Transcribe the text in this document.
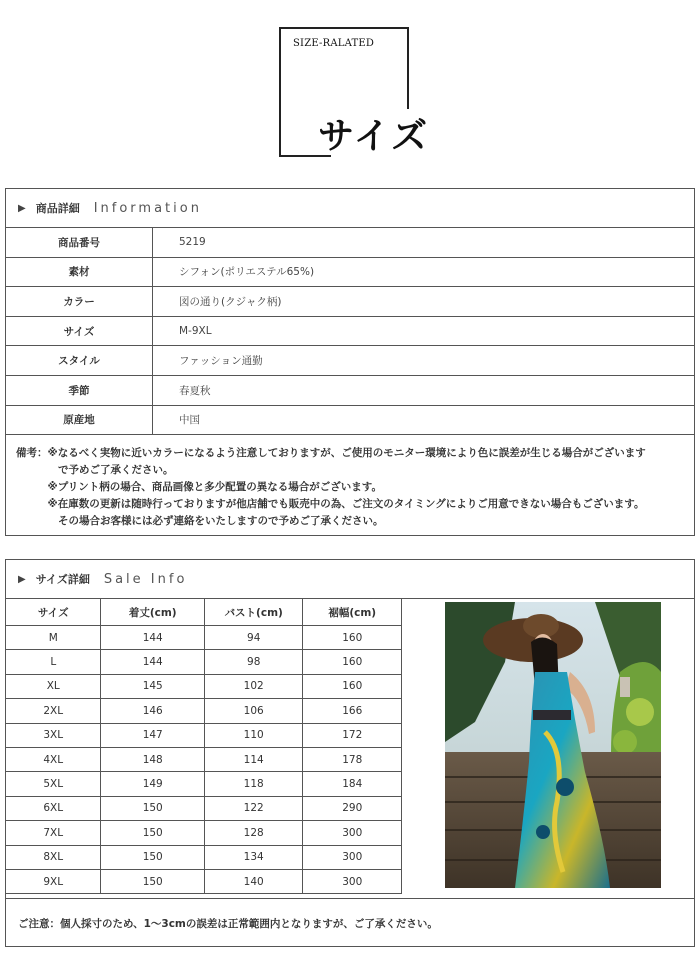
SIZE-RALATED
サイズ
▶ 商品詳細 Information
商品番号	5219
素材	シフォン(ポリエステル65%)
カラー	図の通り(クジャク柄)
サイズ	M-9XL
スタイル	ファッション通勤
季節	春夏秋
原産地	中国
備考：※なるべく実物に近いカラーになるよう注意しておりますが、ご使用のモニター環境により色に誤差が生じる場合がございます
　　　　で予めご了承ください。
　　　※プリント柄の場合、商品画像と多少配置の異なる場合がございます。
　　　※在庫数の更新は随時行っておりますが他店舗でも販売中の為、ご注文のタイミングによりご用意できない場合もございます。
　　　　その場合お客様には必ず連絡をいたしますので予めご了承ください。
▶ サイズ詳細 Sale Info
サイズ	着丈(cm)	バスト(cm)	裾幅(cm)
M	144	94	160
L	144	98	160
XL	145	102	160
2XL	146	106	166
3XL	147	110	172
4XL	148	114	178
5XL	149	118	184
6XL	150	122	290
7XL	150	128	300
8XL	150	134	300
9XL	150	140	300
ご注意：個人採寸のため、1～3cmの誤差は正常範囲内となりますが、ご了承ください。
